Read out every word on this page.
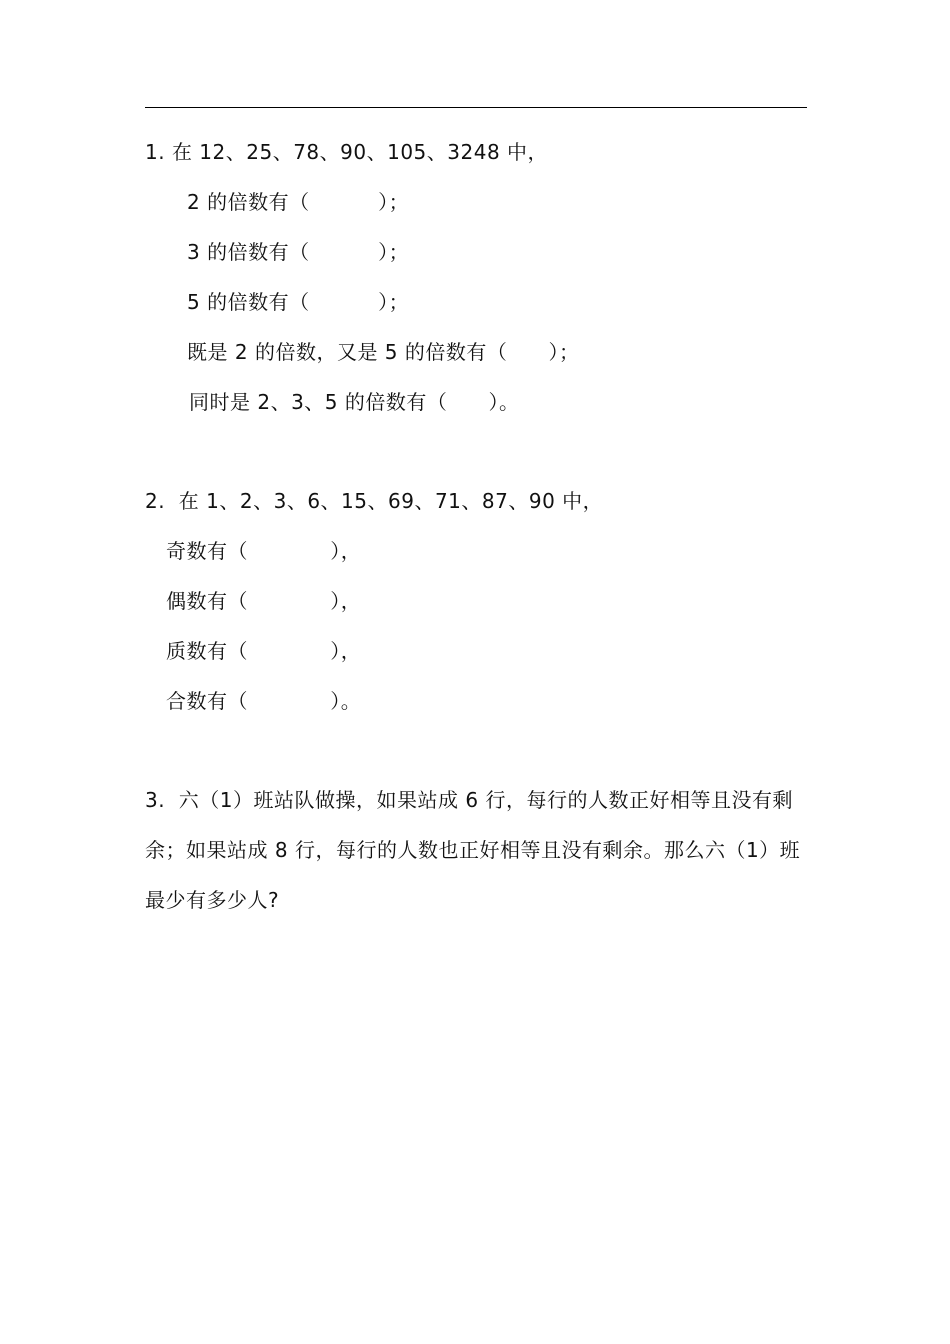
1. 在 12、25、78、90、105、3248 中，
2 的倍数有（          ）；
3 的倍数有（          ）；
5 的倍数有（          ）；
既是 2 的倍数，又是 5 的倍数有（      ）；
同时是 2、3、5 的倍数有（      ）。
2.  在 1、2、3、6、15、69、71、87、90 中，
奇数有（            ），
偶数有（            ），
质数有（            ），
合数有（            ）。
3.  六（1）班站队做操，如果站成 6 行，每行的人数正好相等且没有剩
余；如果站成 8 行，每行的人数也正好相等且没有剩余。那么六（1）班
最少有多少人?
